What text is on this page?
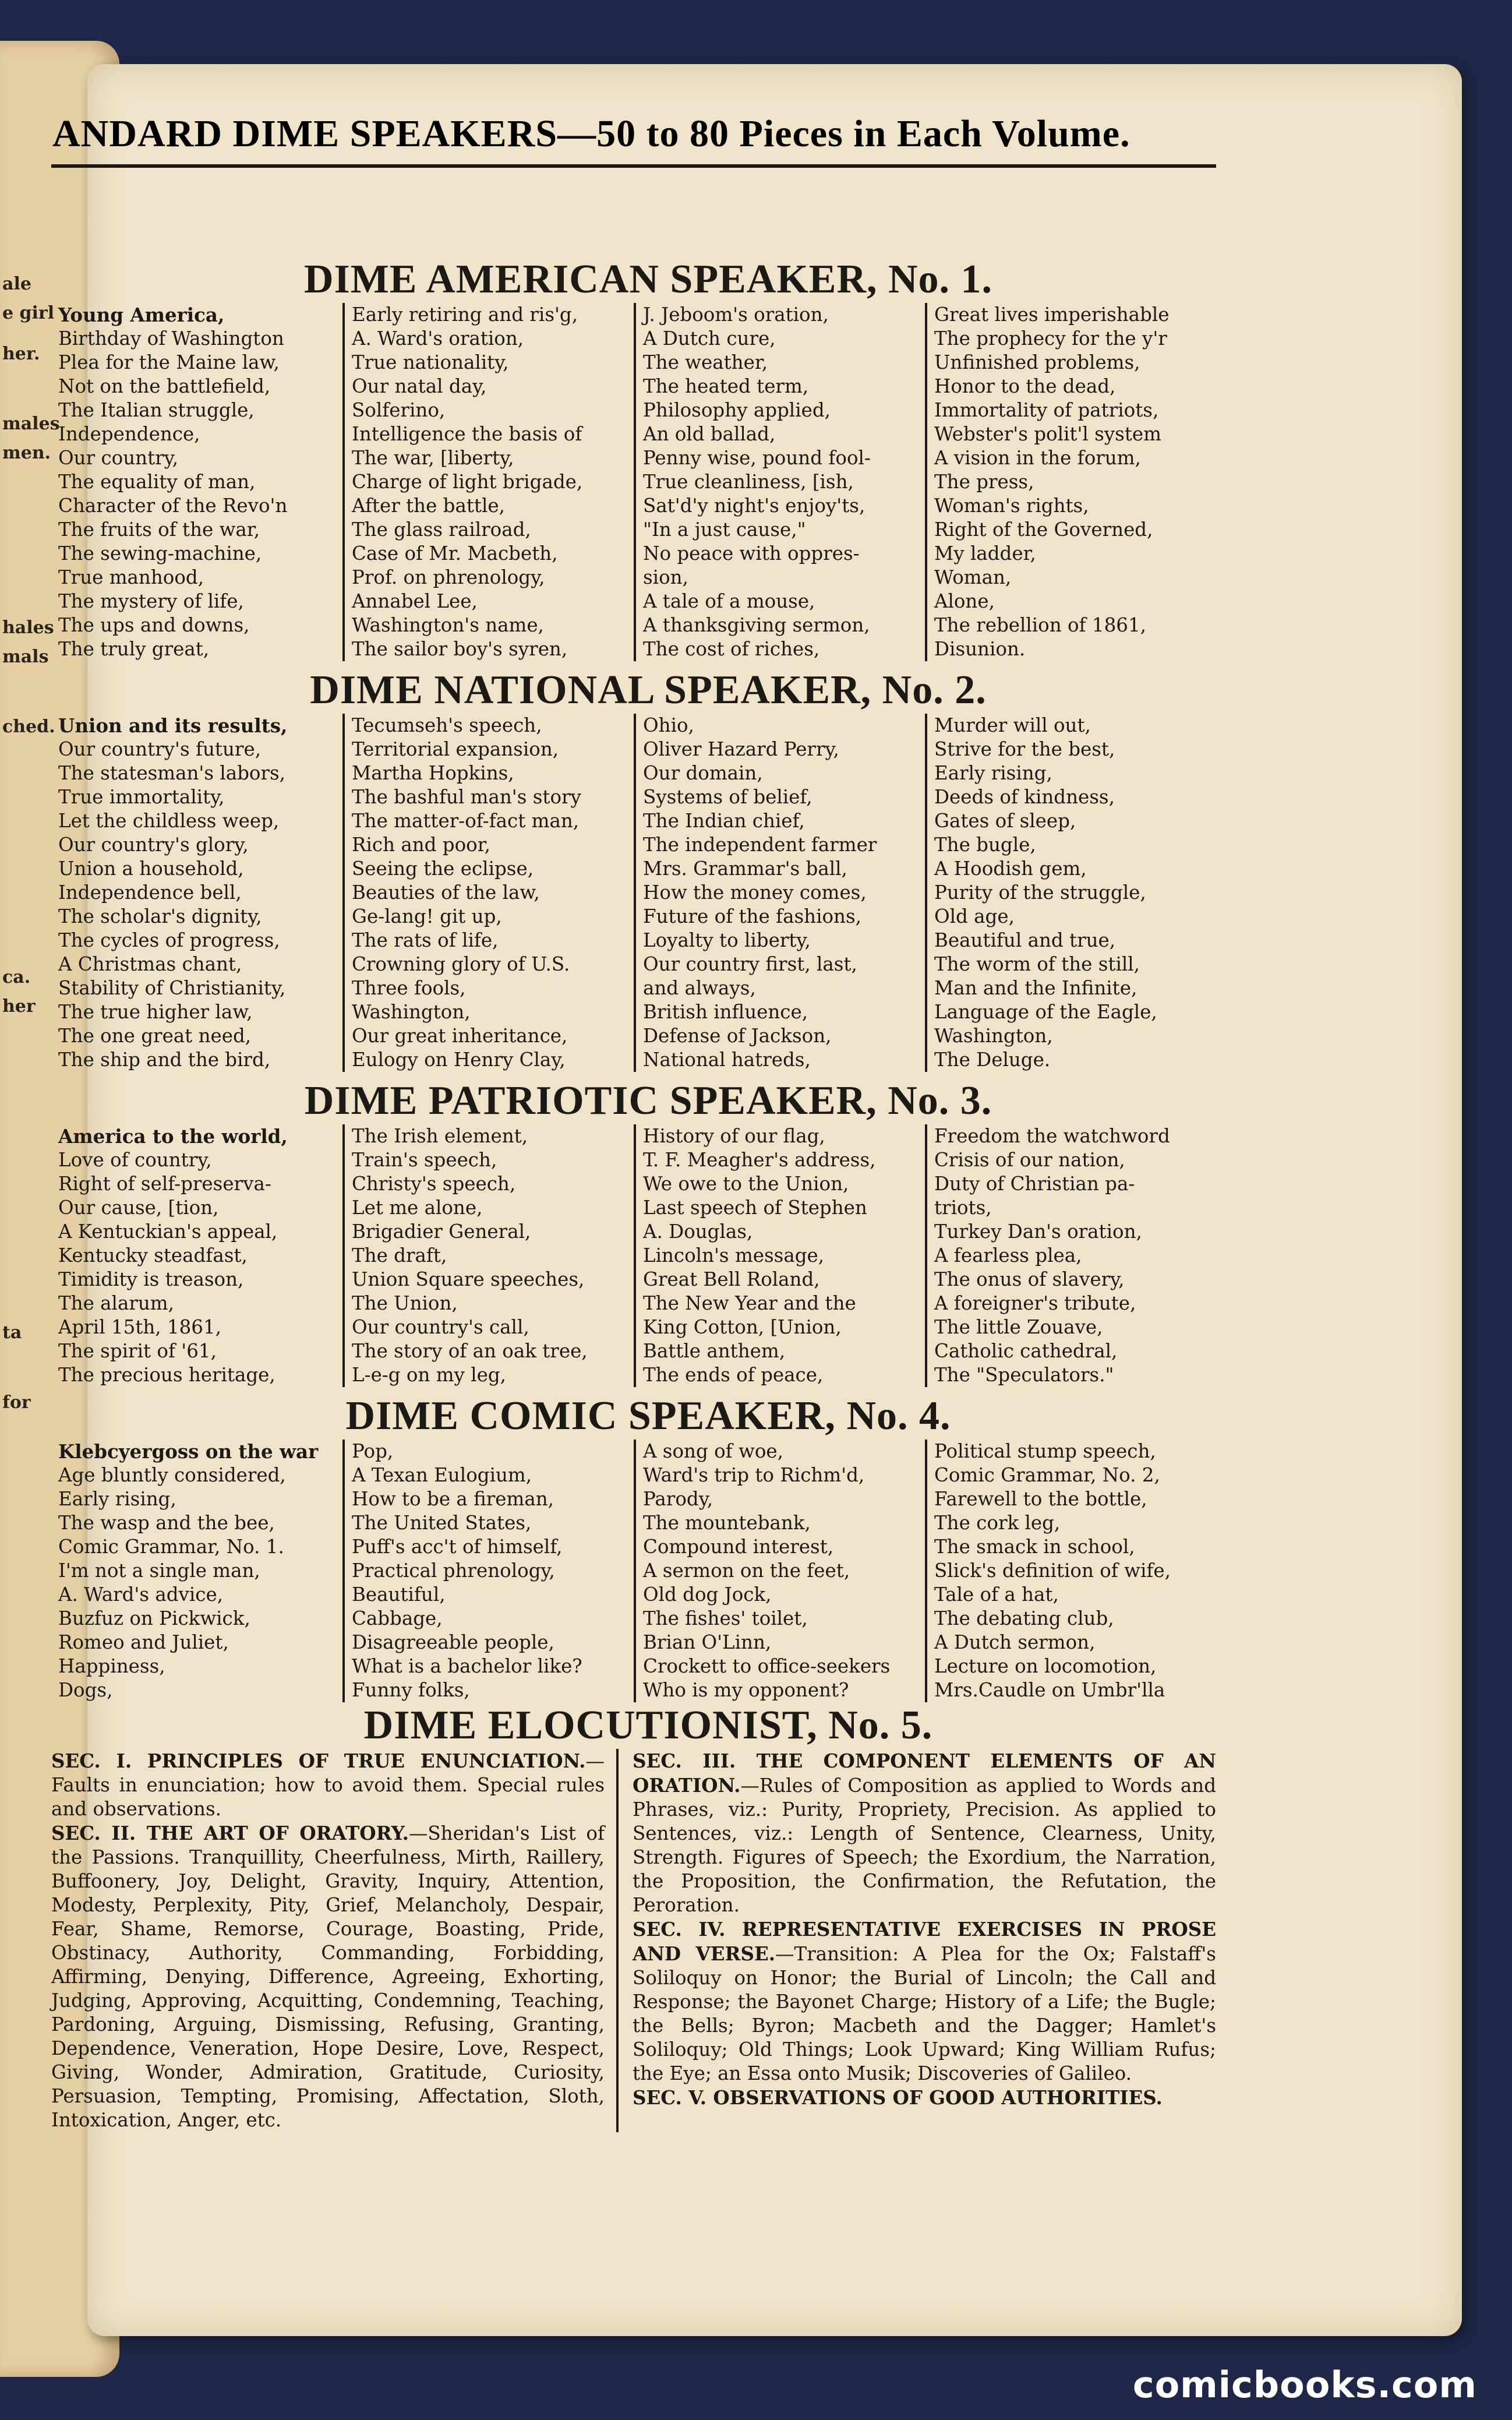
ale
e girl
her.
males
men.
hales
mals
ched.
ca.
her
ta
for
ANDARD DIME SPEAKERS—50 to 80 Pieces in Each Volume.
DIME AMERICAN SPEAKER, No. 1.
Young America,
Birthday of Washington
Plea for the Maine law,
Not on the battlefield,
The Italian struggle,
Independence,
Our country,
The equality of man,
Character of the Revo'n
The fruits of the war,
The sewing-machine,
True manhood,
The mystery of life,
The ups and downs,
The truly great,
Early retiring and ris'g,
A. Ward's oration,
True nationality,
Our natal day,
Solferino,
Intelligence the basis of
The war, [liberty,
Charge of light brigade,
After the battle,
The glass railroad,
Case of Mr. Macbeth,
Prof. on phrenology,
Annabel Lee,
Washington's name,
The sailor boy's syren,
J. Jeboom's oration,
A Dutch cure,
The weather,
The heated term,
Philosophy applied,
An old ballad,
Penny wise, pound fool-
True cleanliness, [ish,
Sat'd'y night's enjoy'ts,
"In a just cause,"
No peace with oppres-
sion,
A tale of a mouse,
A thanksgiving sermon,
The cost of riches,
Great lives imperishable
The prophecy for the y'r
Unfinished problems,
Honor to the dead,
Immortality of patriots,
Webster's polit'l system
A vision in the forum,
The press,
Woman's rights,
Right of the Governed,
My ladder,
Woman,
Alone,
The rebellion of 1861,
Disunion.
DIME NATIONAL SPEAKER, No. 2.
Union and its results,
Our country's future,
The statesman's labors,
True immortality,
Let the childless weep,
Our country's glory,
Union a household,
Independence bell,
The scholar's dignity,
The cycles of progress,
A Christmas chant,
Stability of Christianity,
The true higher law,
The one great need,
The ship and the bird,
Tecumseh's speech,
Territorial expansion,
Martha Hopkins,
The bashful man's story
The matter-of-fact man,
Rich and poor,
Seeing the eclipse,
Beauties of the law,
Ge-lang! git up,
The rats of life,
Crowning glory of U.S.
Three fools,
Washington,
Our great inheritance,
Eulogy on Henry Clay,
Ohio,
Oliver Hazard Perry,
Our domain,
Systems of belief,
The Indian chief,
The independent farmer
Mrs. Grammar's ball,
How the money comes,
Future of the fashions,
Loyalty to liberty,
Our country first, last,
and always,
British influence,
Defense of Jackson,
National hatreds,
Murder will out,
Strive for the best,
Early rising,
Deeds of kindness,
Gates of sleep,
The bugle,
A Hoodish gem,
Purity of the struggle,
Old age,
Beautiful and true,
The worm of the still,
Man and the Infinite,
Language of the Eagle,
Washington,
The Deluge.
DIME PATRIOTIC SPEAKER, No. 3.
America to the world,
Love of country,
Right of self-preserva-
Our cause, [tion,
A Kentuckian's appeal,
Kentucky steadfast,
Timidity is treason,
The alarum,
April 15th, 1861,
The spirit of '61,
The precious heritage,
The Irish element,
Train's speech,
Christy's speech,
Let me alone,
Brigadier General,
The draft,
Union Square speeches,
The Union,
Our country's call,
The story of an oak tree,
L-e-g on my leg,
History of our flag,
T. F. Meagher's address,
We owe to the Union,
Last speech of Stephen
A. Douglas,
Lincoln's message,
Great Bell Roland,
The New Year and the
King Cotton, [Union,
Battle anthem,
The ends of peace,
Freedom the watchword
Crisis of our nation,
Duty of Christian pa-
triots,
Turkey Dan's oration,
A fearless plea,
The onus of slavery,
A foreigner's tribute,
The little Zouave,
Catholic cathedral,
The "Speculators."
DIME COMIC SPEAKER, No. 4.
Klebcyergoss on the war
Age bluntly considered,
Early rising,
The wasp and the bee,
Comic Grammar, No. 1.
I'm not a single man,
A. Ward's advice,
Buzfuz on Pickwick,
Romeo and Juliet,
Happiness,
Dogs,
Pop,
A Texan Eulogium,
How to be a fireman,
The United States,
Puff's acc't of himself,
Practical phrenology,
Beautiful,
Cabbage,
Disagreeable people,
What is a bachelor like?
Funny folks,
A song of woe,
Ward's trip to Richm'd,
Parody,
The mountebank,
Compound interest,
A sermon on the feet,
Old dog Jock,
The fishes' toilet,
Brian O'Linn,
Crockett to office-seekers
Who is my opponent?
Political stump speech,
Comic Grammar, No. 2,
Farewell to the bottle,
The cork leg,
The smack in school,
Slick's definition of wife,
Tale of a hat,
The debating club,
A Dutch sermon,
Lecture on locomotion,
Mrs.Caudle on Umbr'lla
DIME ELOCUTIONIST, No. 5.

SEC. I. PRINCIPLES OF TRUE ENUNCIATION.—Faults in enunciation; how to avoid them. Special rules and observations.

SEC. II. THE ART OF ORATORY.—Sheridan's List of the Passions. Tranquillity, Cheerfulness, Mirth, Raillery, Buffoonery, Joy, Delight, Gravity, Inquiry, Attention, Modesty, Perplexity, Pity, Grief, Melancholy, Despair, Fear, Shame, Remorse, Courage, Boasting, Pride, Obstinacy, Authority, Commanding, Forbidding, Affirming, Denying, Difference, Agreeing, Exhorting, Judging, Approving, Acquitting, Condemning, Teaching, Pardoning, Arguing, Dismissing, Refusing, Granting, Dependence, Veneration, Hope Desire, Love, Respect, Giving, Wonder, Admiration, Gratitude, Curiosity, Persuasion, Tempting, Promising, Affectation, Sloth, Intoxication, Anger, etc.

SEC. III. THE COMPONENT ELEMENTS OF AN ORATION.—Rules of Composition as applied to Words and Phrases, viz.: Purity, Propriety, Precision. As applied to Sentences, viz.: Length of Sentence, Clearness, Unity, Strength. Figures of Speech; the Exordium, the Narration, the Proposition, the Confirmation, the Refutation, the Peroration.

SEC. IV. REPRESENTATIVE EXERCISES IN PROSE AND VERSE.—Transition: A Plea for the Ox; Falstaff's Soliloquy on Honor; the Burial of Lincoln; the Call and Response; the Bayonet Charge; History of a Life; the Bugle; the Bells; Byron; Macbeth and the Dagger; Hamlet's Soliloquy; Old Things; Look Upward; King William Rufus; the Eye; an Essa onto Musik; Discoveries of Galileo.

SEC. V. OBSERVATIONS OF GOOD AUTHORITIES.

comicbooks.com
